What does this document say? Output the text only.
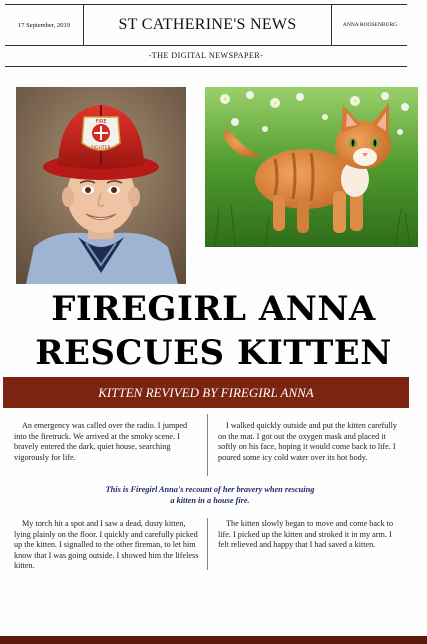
17 September, 2019	ST CATHERINE'S NEWS	ANNA ROOSENBURG
-THE DIGITAL NEWSPAPER-
FIRE
FIGHTER
FIREGIRL ANNA
RESCUES KITTEN
KITTEN REVIVED BY FIREGIRL ANNA

An emergency was called over the radio. I jumped into the firetruck. We arrived at the smoky scene. I bravely entered the dark, quiet house, searching vigorously for life.

I walked quickly outside and put the kitten carefully on the mat. I got out the oxygen mask and placed it softly on his face, hoping it would come back to life. I poured some icy cold water over its hot body.

This is Firegirl Anna's recount of her bravery when rescuing a kitten in a house fire.

My torch hit a spot and I saw a dead, dusty kitten, lying plainly on the floor. I quickly and carefully picked up the kitten. I signalled to the other fireman, to let him know that I was going outside. I showed him the lifeless kitten.

The kitten slowly began to move and come back to life. I picked up the kitten and stroked it in my arm. I felt relieved and happy that I had saved a kitten.
